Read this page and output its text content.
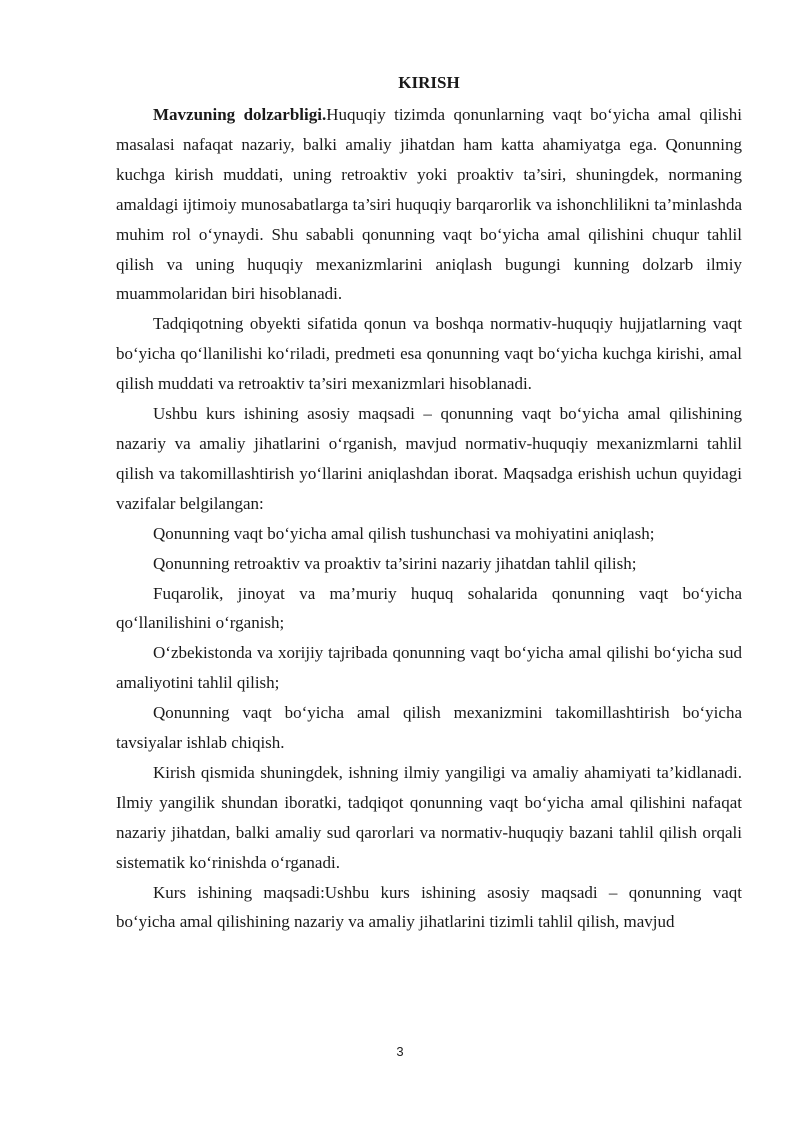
KIRISH

Mavzuning dolzarbligi.Huquqiy tizimda qonunlarning vaqt bo‘yicha amal qilishi masalasi nafaqat nazariy, balki amaliy jihatdan ham katta ahamiyatga ega. Qonunning kuchga kirish muddati, uning retroaktiv yoki proaktiv ta’siri, shuningdek, normaning amaldagi ijtimoiy munosabatlarga ta’siri huquqiy barqarorlik va ishonchlilikni ta’minlashda muhim rol o‘ynaydi. Shu sababli qonunning vaqt bo‘yicha amal qilishini chuqur tahlil qilish va uning huquqiy mexanizmlarini aniqlash bugungi kunning dolzarb ilmiy muammolaridan biri hisoblanadi.

Tadqiqotning obyekti sifatida qonun va boshqa normativ-huquqiy hujjatlarning vaqt bo‘yicha qo‘llanilishi ko‘riladi, predmeti esa qonunning vaqt bo‘yicha kuchga kirishi, amal qilish muddati va retroaktiv ta’siri mexanizmlari hisoblanadi.

Ushbu kurs ishining asosiy maqsadi – qonunning vaqt bo‘yicha amal qilishining nazariy va amaliy jihatlarini o‘rganish, mavjud normativ-huquqiy mexanizmlarni tahlil qilish va takomillashtirish yo‘llarini aniqlashdan iborat. Maqsadga erishish uchun quyidagi vazifalar belgilangan:

Qonunning vaqt bo‘yicha amal qilish tushunchasi va mohiyatini aniqlash;

Qonunning retroaktiv va proaktiv ta’sirini nazariy jihatdan tahlil qilish;

Fuqarolik, jinoyat va ma’muriy huquq sohalarida qonunning vaqt bo‘yicha qo‘llanilishini o‘rganish;

O‘zbekistonda va xorijiy tajribada qonunning vaqt bo‘yicha amal qilishi bo‘yicha sud amaliyotini tahlil qilish;

Qonunning vaqt bo‘yicha amal qilish mexanizmini takomillashtirish bo‘yicha tavsiyalar ishlab chiqish.

Kirish qismida shuningdek, ishning ilmiy yangiligi va amaliy ahamiyati ta’kidlanadi. Ilmiy yangilik shundan iboratki, tadqiqot qonunning vaqt bo‘yicha amal qilishini nafaqat nazariy jihatdan, balki amaliy sud qarorlari va normativ-huquqiy bazani tahlil qilish orqali sistematik ko‘rinishda o‘rganadi.

Kurs ishining maqsadi:Ushbu kurs ishining asosiy maqsadi – qonunning vaqt bo‘yicha amal qilishining nazariy va amaliy jihatlarini tizimli tahlil qilish, mavjud

3
